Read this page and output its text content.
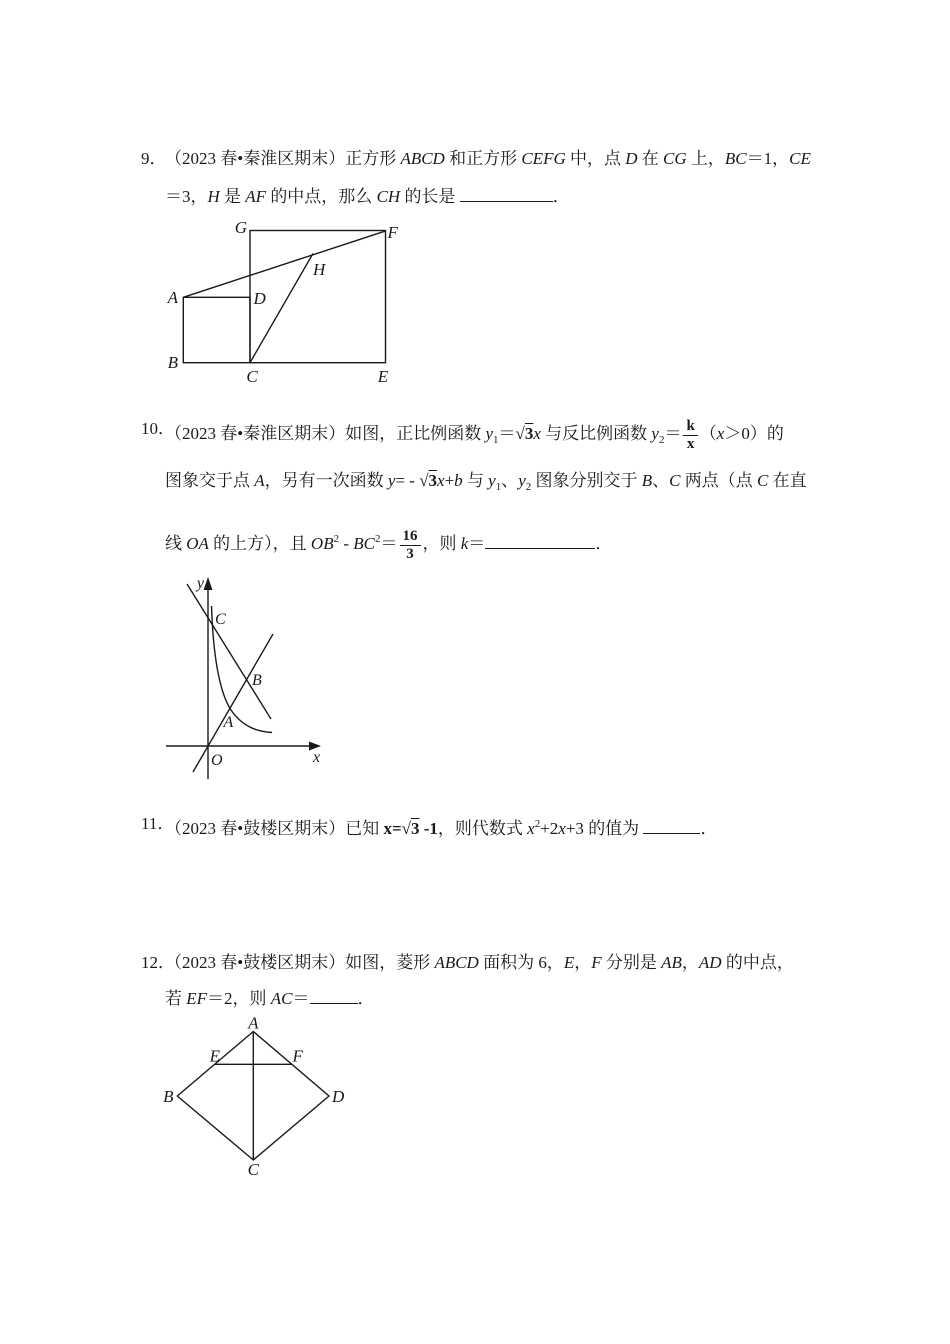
9．
（2023 春•秦淮区期末）正方形 ABCD 和正方形 CEFG 中，点 D 在 CG 上，BC＝1，CE
＝3，H 是 AF 的中点，那么 CH 的长是	．
G	F
A	D
B
C	E
H
10．
（2023 春•秦淮区期末）如图，正比例函数 $y_1=√3x$ 与反比例函数 $y_2= \frac{k}{x} (x>0)$的
图象交于点 A，另有一次函数 y= - √3x+b 与 $y_1$、$y_2$ 图象分别交于 B、C 两点（点 C 在直
线 OA 的上方），且 $OB^2 - BC^2= \frac{16}{3}$ ，则 k＝	．
y
x
O
C
B
A
11．
（2023 春•鼓楼区期末）已知 x=√3 -1，则代数式 $x^2+2x+3$ 的值为	．
12．
（2023 春•鼓楼区期末）如图，菱形 ABCD 面积为 6，E，F 分别是 AB，AD 的中点，
若 EF＝2，则 AC＝	．
A
B	D
C
E	F
